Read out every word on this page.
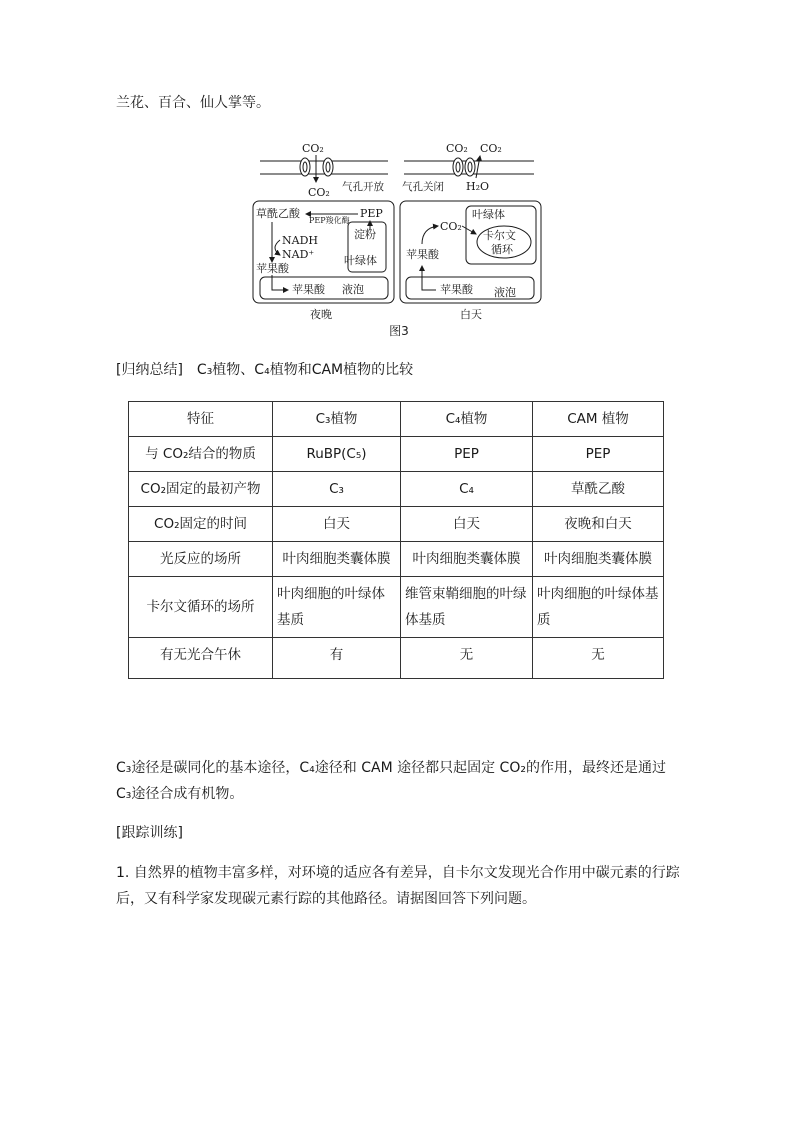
兰花、百合、仙人掌等。
CO₂
CO₂ 气孔开放
草酰乙酸
PEP羧化酶
PEP
淀粉
叶绿体
NADH
NAD⁺
苹果酸
苹果酸 液泡
夜晚
CO₂ CO₂
气孔关闭 H₂O
叶绿体
卡尔文
循环
CO₂
苹果酸
苹果酸 液泡
白天
图3
[归纳总结]　C₃植物、C₄植物和CAM植物的比较
特征	C₃植物	C₄植物	CAM 植物
与 CO₂结合的物质	RuBP(C₅)	PEP	PEP
CO₂固定的最初产物	C₃	C₄	草酰乙酸
CO₂固定的时间	白天	白天	夜晚和白天
光反应的场所	叶肉细胞类囊体膜	叶肉细胞类囊体膜	叶肉细胞类囊体膜
卡尔文循环的场所	叶肉细胞的叶绿体基质	维管束鞘细胞的叶绿体基质	叶肉细胞的叶绿体基质
有无光合午休	有	无	无
C₃途径是碳同化的基本途径，C₄途径和 CAM 途径都只起固定 CO₂的作用，最终还是通过 C₃途径合成有机物。
[跟踪训练]
1. 自然界的植物丰富多样，对环境的适应各有差异，自卡尔文发现光合作用中碳元素的行踪后，又有科学家发现碳元素行踪的其他路径。请据图回答下列问题。
